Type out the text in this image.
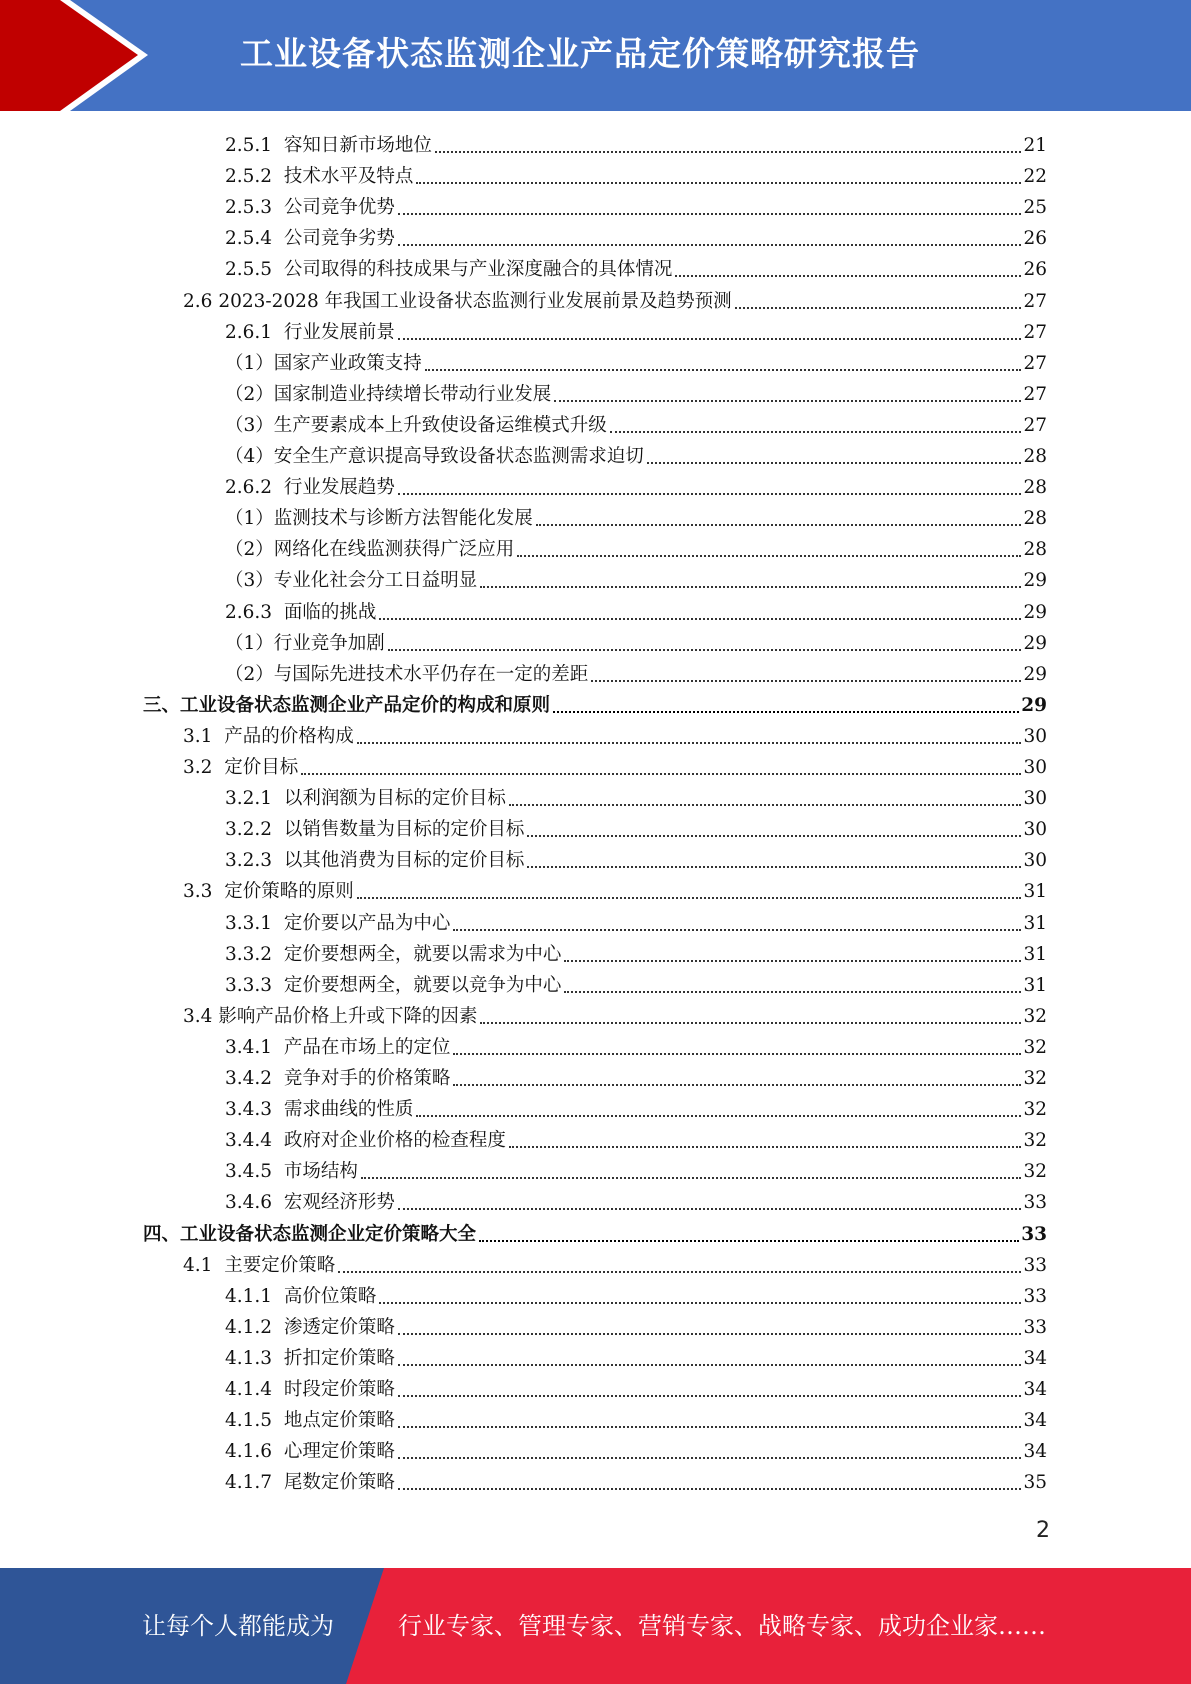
工业设备状态监测企业产品定价策略研究报告
2.5.1 容知日新市场地位	21
2.5.2 技术水平及特点	22
2.5.3 公司竞争优势	25
2.5.4 公司竞争劣势	26
2.5.5 公司取得的科技成果与产业深度融合的具体情况	26
2.6 2023-2028 年我国工业设备状态监测行业发展前景及趋势预测	27
2.6.1 行业发展前景	27
（1）国家产业政策支持	27
（2）国家制造业持续增长带动行业发展	27
（3）生产要素成本上升致使设备运维模式升级	27
（4）安全生产意识提高导致设备状态监测需求迫切	28
2.6.2 行业发展趋势	28
（1）监测技术与诊断方法智能化发展	28
（2）网络化在线监测获得广泛应用	28
（3）专业化社会分工日益明显	29
2.6.3 面临的挑战	29
（1）行业竞争加剧	29
（2）与国际先进技术水平仍存在一定的差距	29
三、工业设备状态监测企业产品定价的构成和原则	29
3.1 产品的价格构成	30
3.2 定价目标	30
3.2.1 以利润额为目标的定价目标	30
3.2.2 以销售数量为目标的定价目标	30
3.2.3 以其他消费为目标的定价目标	30
3.3 定价策略的原则	31
3.3.1 定价要以产品为中心	31
3.3.2 定价要想两全，就要以需求为中心	31
3.3.3 定价要想两全，就要以竞争为中心	31
3.4 影响产品价格上升或下降的因素	32
3.4.1 产品在市场上的定位	32
3.4.2 竞争对手的价格策略	32
3.4.3 需求曲线的性质	32
3.4.4 政府对企业价格的检查程度	32
3.4.5 市场结构	32
3.4.6 宏观经济形势	33
四、工业设备状态监测企业定价策略大全	33
4.1 主要定价策略	33
4.1.1 高价位策略	33
4.1.2 渗透定价策略	33
4.1.3 折扣定价策略	34
4.1.4 时段定价策略	34
4.1.5 地点定价策略	34
4.1.6 心理定价策略	34
4.1.7 尾数定价策略	35
2
让每个人都能成为	行业专家、管理专家、营销专家、战略专家、成功企业家……
